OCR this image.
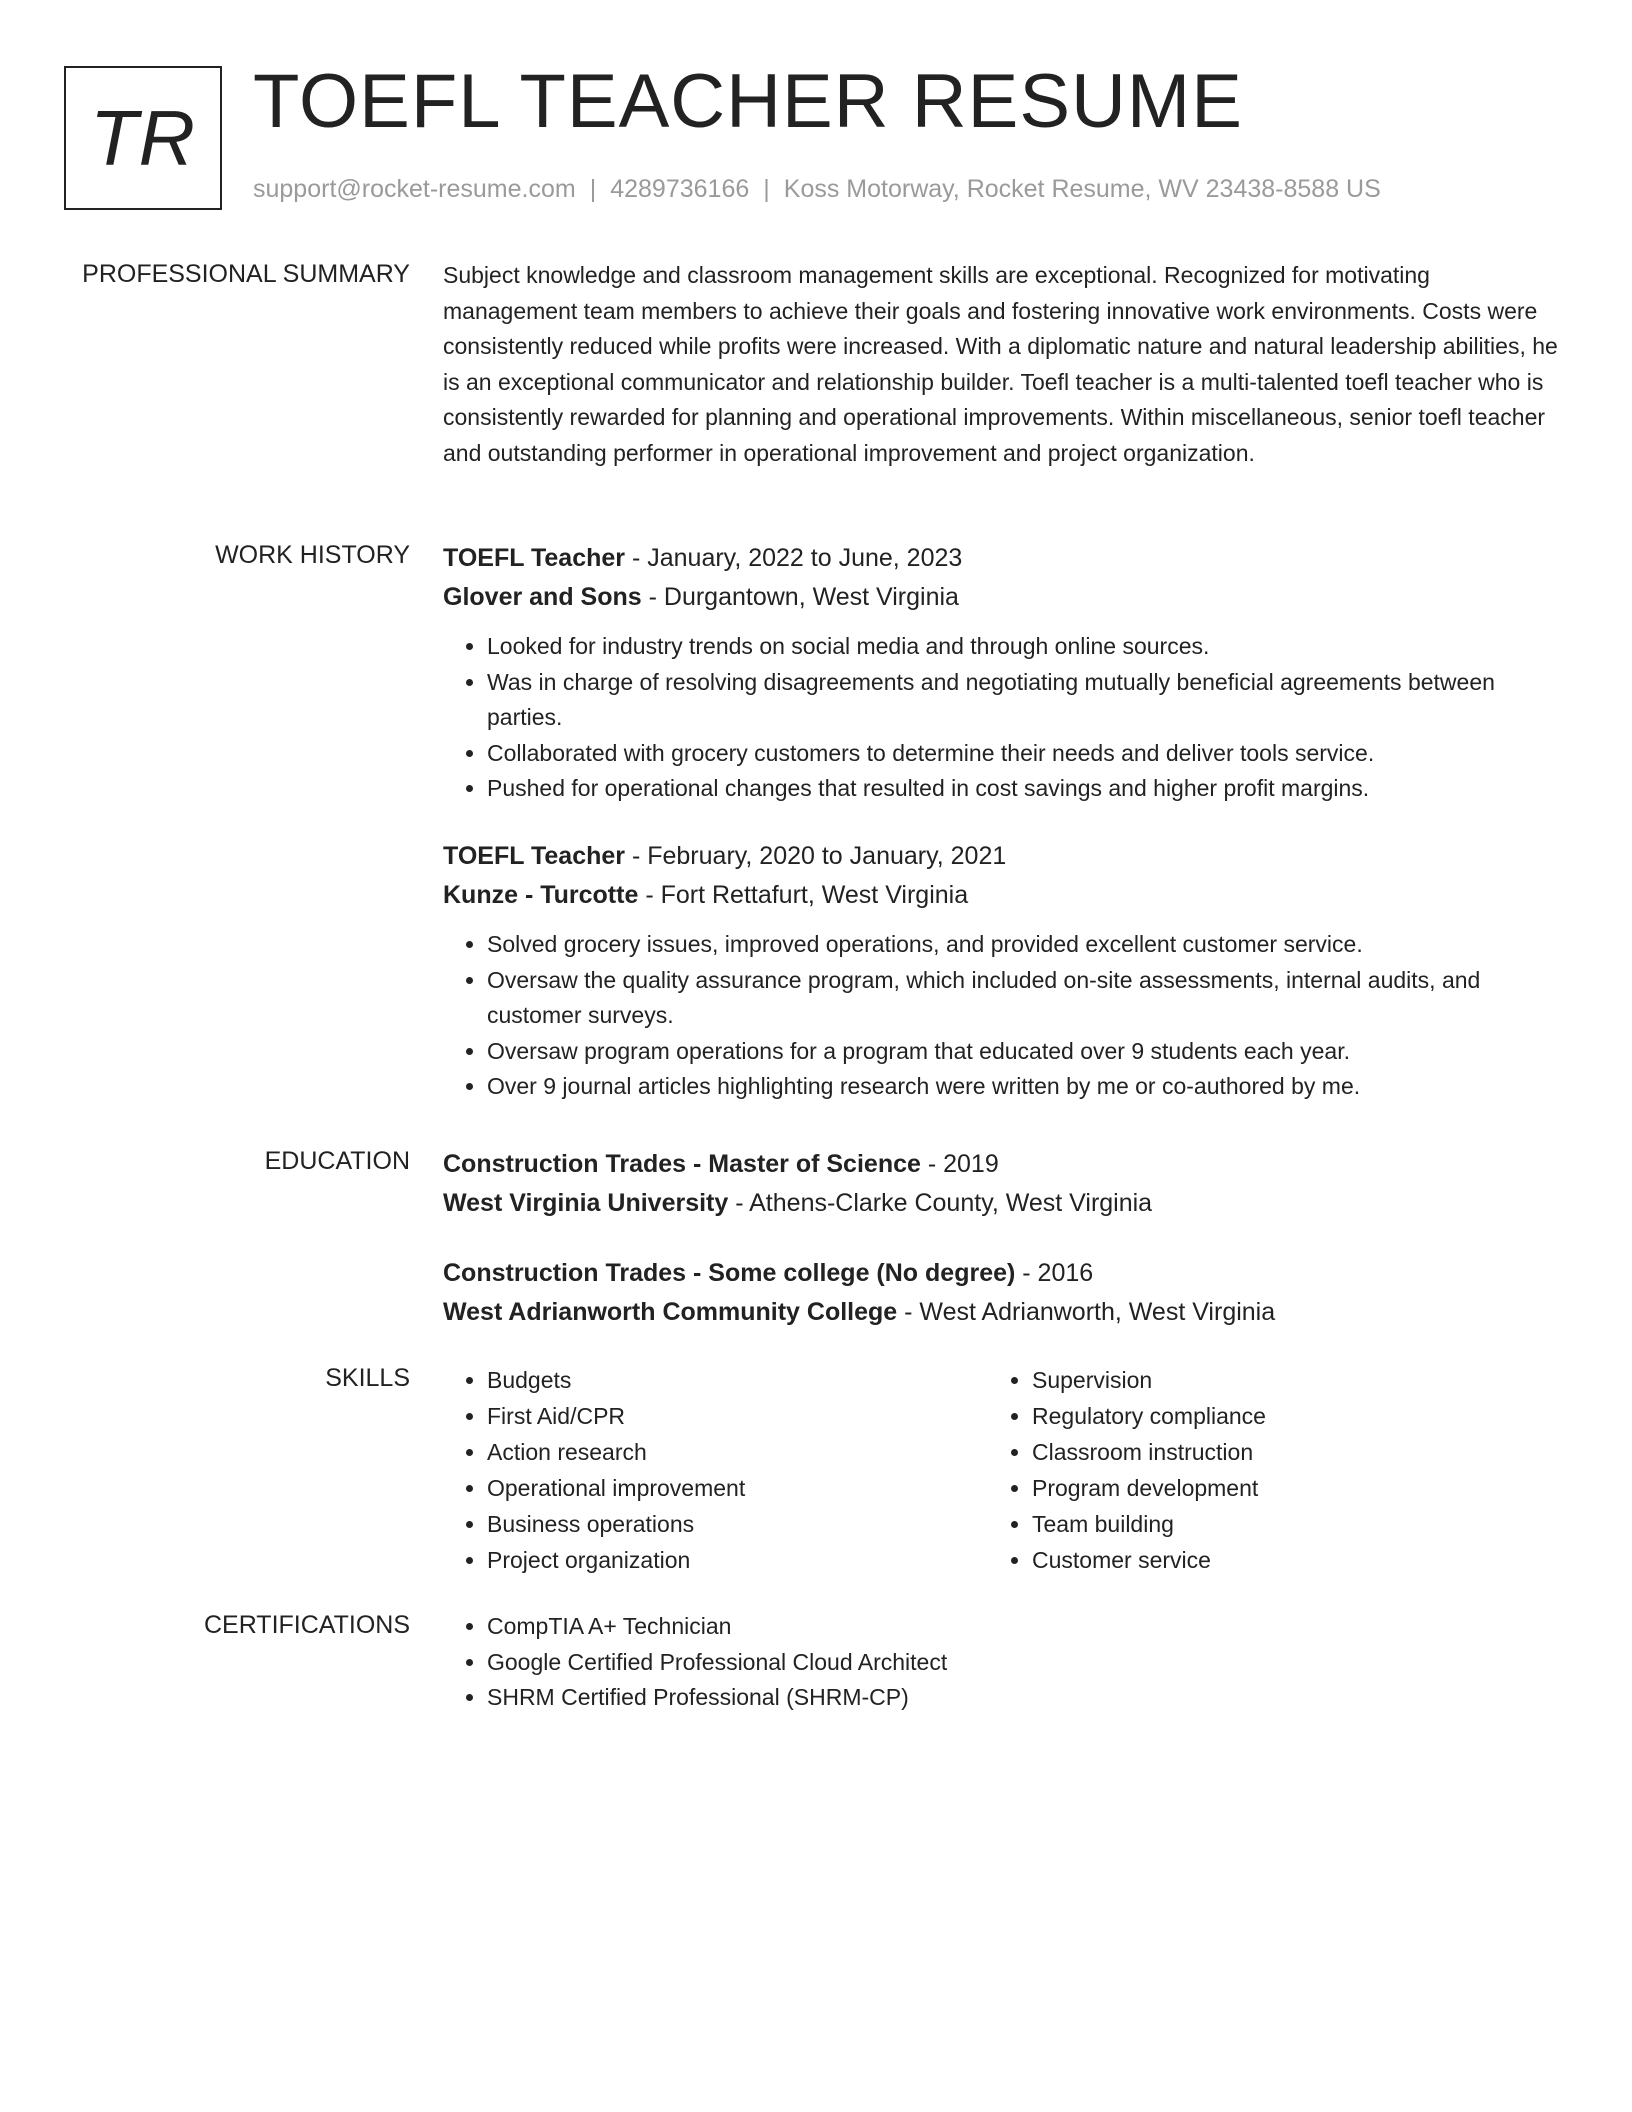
TR TOEFL TEACHER RESUME
support@rocket-resume.com | 4289736166 | Koss Motorway, Rocket Resume, WV 23438-8588 US
PROFESSIONAL SUMMARY Subject knowledge and classroom management skills are exceptional. Recognized for motivating management team members to achieve their goals and fostering innovative work environments. Costs were consistently reduced while profits were increased. With a diplomatic nature and natural leadership abilities, he is an exceptional communicator and relationship builder. Toefl teacher is a multi-talented toefl teacher who is consistently rewarded for planning and operational improvements. Within miscellaneous, senior toefl teacher and outstanding performer in operational improvement and project organization.

WORK HISTORY TOEFL Teacher - January, 2022 to June, 2023
Glover and Sons - Durgantown, West Virginia
• Looked for industry trends on social media and through online sources.
• Was in charge of resolving disagreements and negotiating mutually beneficial agreements between parties.
• Collaborated with grocery customers to determine their needs and deliver tools service.
• Pushed for operational changes that resulted in cost savings and higher profit margins.
TOEFL Teacher - February, 2020 to January, 2021
Kunze - Turcotte - Fort Rettafurt, West Virginia
• Solved grocery issues, improved operations, and provided excellent customer service.
• Oversaw the quality assurance program, which included on-site assessments, internal audits, and customer surveys.
• Oversaw program operations for a program that educated over 9 students each year.
• Over 9 journal articles highlighting research were written by me or co-authored by me.
EDUCATION Construction Trades - Master of Science - 2019
West Virginia University - Athens-Clarke County, West Virginia
Construction Trades - Some college (No degree) - 2016
West Adrianworth Community College - West Adrianworth, West Virginia
SKILLS	• Budgets
• First Aid/CPR
• Action research
• Operational improvement
• Business operations
• Project organization
• Supervision
• Regulatory compliance
• Classroom instruction
• Program development
• Team building
• Customer service
CERTIFICATIONS	• CompTIA A+ Technician
• Google Certified Professional Cloud Architect
• SHRM Certified Professional (SHRM-CP)
